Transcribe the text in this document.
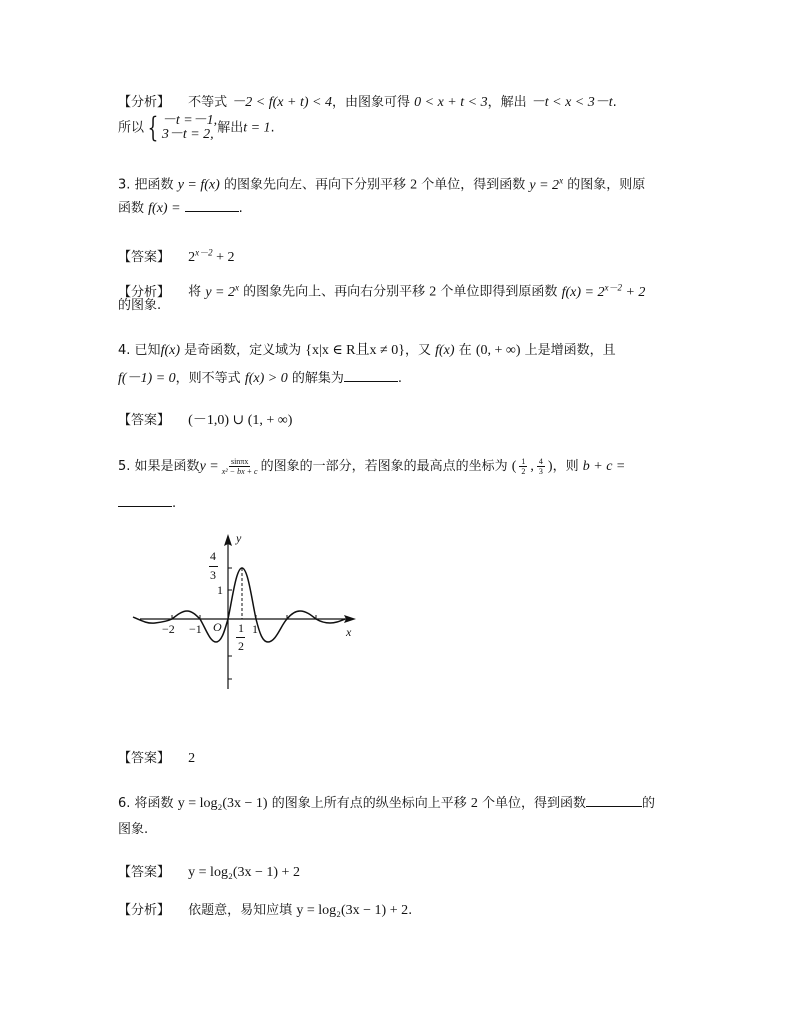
【分析】 不等式 －2 < f(x + t) < 4，由图象可得 0 < x + t < 3，解出 －t < x < 3－t.
所以 { －t =－1,
3－t = 2, 解出t = 1.
3. 把函数 y = f(x) 的图象先向左、再向下分别平移 2 个单位，得到函数 $y = 2^x$ 的图象，则原
函数 f(x) =	.
【答案】 $2^{x-2} + 2$
【分析】 将 $y = 2^x$ 的图象先向上、再向右分别平移 2 个单位即得到原函数 $f(x) = 2^{x-2} + 2$
的图象.
4. 已知f(x) 是奇函数，定义域为 {x|x ∈ R且x ≠ 0}，又 f(x) 在 (0, + ∞) 上是增函数，且
f(－1) = 0，则不等式 f(x) > 0 的解集为	.
【答案】 (－1,0) ∪ (1, + ∞)
5. 如果是函数$y = \frac{\sin\pi x}{\text{x² − bx + c}}$ 的图象的一部分，若图象的最高点的坐标为 ( $\frac{1}{2}$ , $\frac{4}{3}$ )，则 b + c =
.
y
x
O
4
3
1
−2 −1	1
2
1
【答案】 2
6. 将函数 y = log₂(3x − 1) 的图象上所有点的纵坐标向上平移 2 个单位，得到函数	的
图象.
【答案】 y = log₂(3x − 1) + 2
【分析】 依题意，易知应填 y = log₂(3x − 1) + 2.
